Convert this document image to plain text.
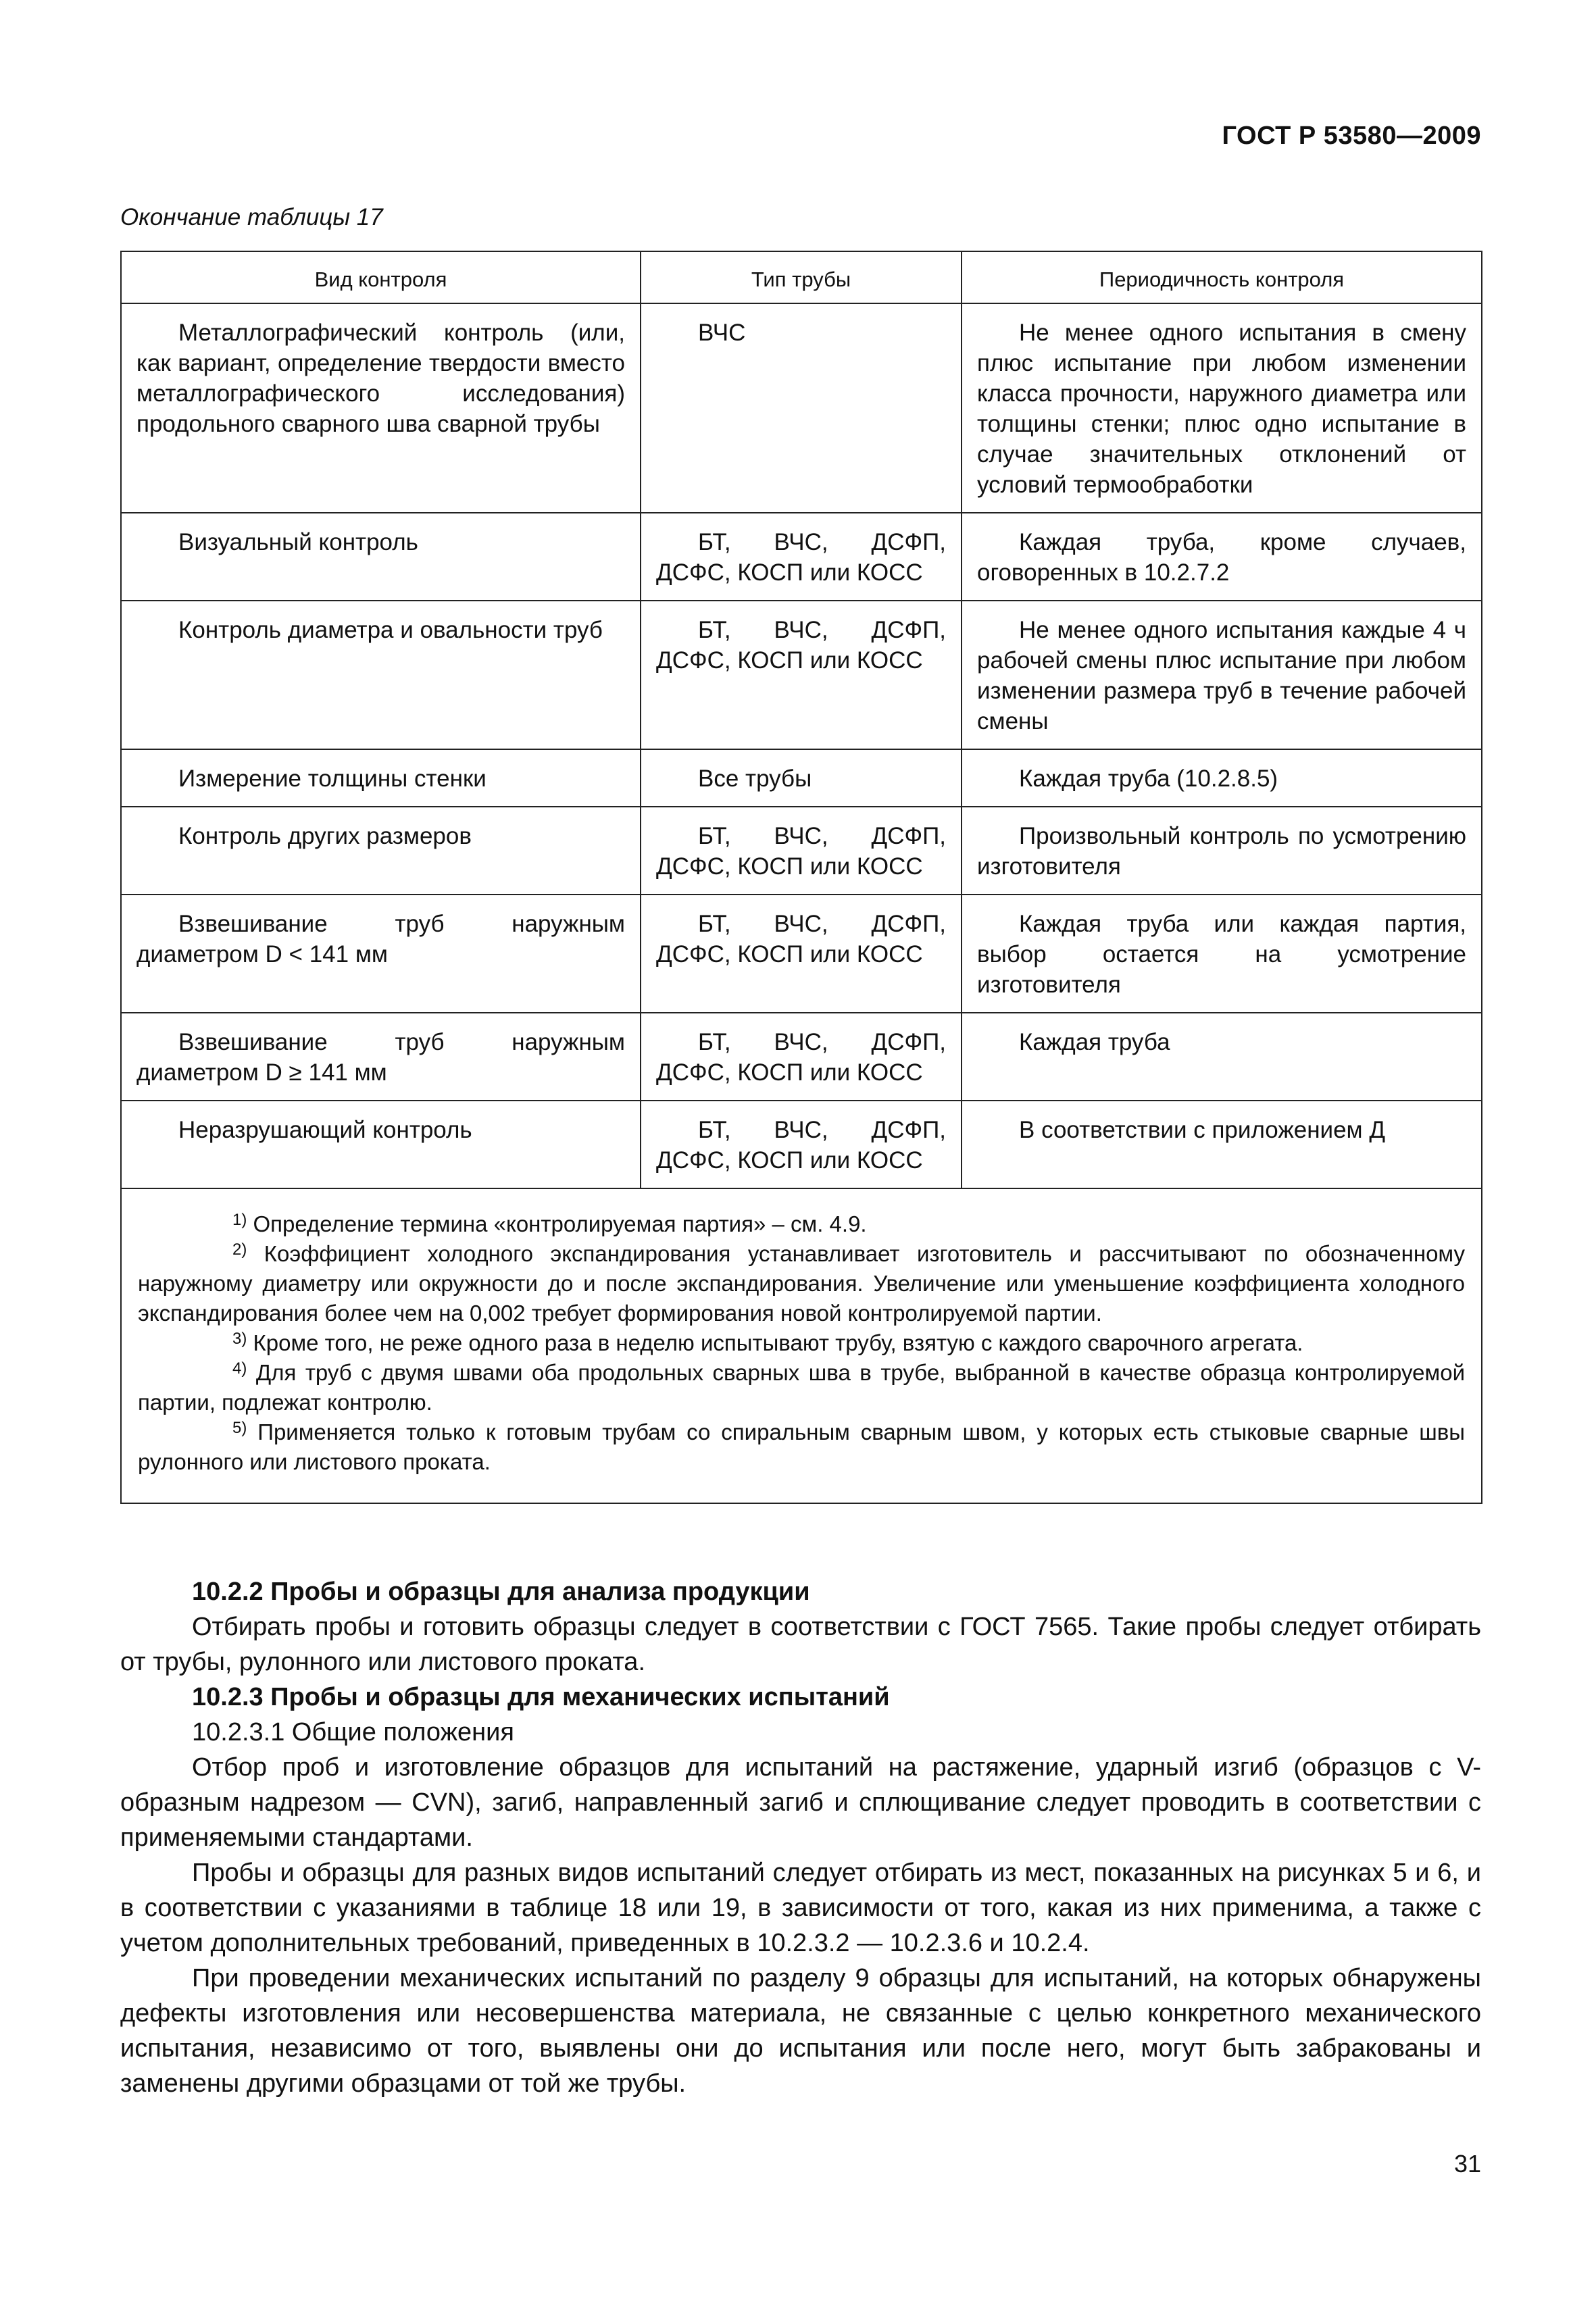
ГОСТ Р 53580—2009
Окончание таблицы 17
Вид контроля	Тип трубы	Периодичность контроля
Металлографический контроль (или, как вариант, определение твердости вместо металлографического исследования) продольного сварного шва сварной трубы	ВЧС	Не менее одного испытания в смену плюс испытание при любом изменении класса прочности, наружного диаметра или толщины стенки; плюс одно испытание в случае значительных отклонений от условий термообработки
Визуальный контроль	БТ, ВЧС, ДСФП, ДСФС, КОСП или КОСС	Каждая труба, кроме случаев, оговоренных в 10.2.7.2
Контроль диаметра и овальности труб	БТ, ВЧС, ДСФП, ДСФС, КОСП или КОСС	Не менее одного испытания каждые 4 ч рабочей смены плюс испытание при любом изменении размера труб в течение рабочей смены
Измерение толщины стенки	Все трубы	Каждая труба (10.2.8.5)
Контроль других размеров	БТ, ВЧС, ДСФП, ДСФС, КОСП или КОСС	Произвольный контроль по усмотрению изготовителя
Взвешивание труб наружным диаметром D < 141 мм	БТ, ВЧС, ДСФП, ДСФС, КОСП или КОСС	Каждая труба или каждая партия, выбор остается на усмотрение изготовителя
Взвешивание труб наружным диаметром D ≥ 141 мм	БТ, ВЧС, ДСФП, ДСФС, КОСП или КОСС	Каждая труба
Неразрушающий контроль	БТ, ВЧС, ДСФП, ДСФС, КОСП или КОСС	В соответствии с приложением Д

$^{1)}$ Определение термина «контролируемая партия» – см. 4.9.

$^{2)}$ Коэффициент холодного экспандирования устанавливает изготовитель и рассчитывают по обозначенному наружному диаметру или окружности до и после экспандирования. Увеличение или уменьшение коэффициента холодного экспандирования более чем на 0,002 требует формирования новой контролируемой партии.

$^{3)}$ Кроме того, не реже одного раза в неделю испытывают трубу, взятую с каждого сварочного агрегата.

$^{4)}$ Для труб с двумя швами оба продольных сварных шва в трубе, выбранной в качестве образца контролируемой партии, подлежат контролю.

$^{5)}$ Применяется только к готовым трубам со спиральным сварным швом, у которых есть стыковые сварные швы рулонного или листового проката.		

10.2.2 Пробы и образцы для анализа продукции

Отбирать пробы и готовить образцы следует в соответствии с ГОСТ 7565. Такие пробы следует отбирать от трубы, рулонного или листового проката.

10.2.3 Пробы и образцы для механических испытаний

10.2.3.1 Общие положения

Отбор проб и изготовление образцов для испытаний на растяжение, ударный изгиб (образцов с V-образным надрезом — CVN), загиб, направленный загиб и сплющивание следует проводить в соответствии с применяемыми стандартами.

Пробы и образцы для разных видов испытаний следует отбирать из мест, показанных на рисунках 5 и 6, и в соответствии с указаниями в таблице 18 или 19, в зависимости от того, какая из них применима, а также с учетом дополнительных требований, приведенных в 10.2.3.2 — 10.2.3.6 и 10.2.4.

При проведении механических испытаний по разделу 9 образцы для испытаний, на которых обнаружены дефекты изготовления или несовершенства материала, не связанные с целью конкретного механического испытания, независимо от того, выявлены они до испытания или после него, могут быть забракованы и заменены другими образцами от той же трубы.

31
